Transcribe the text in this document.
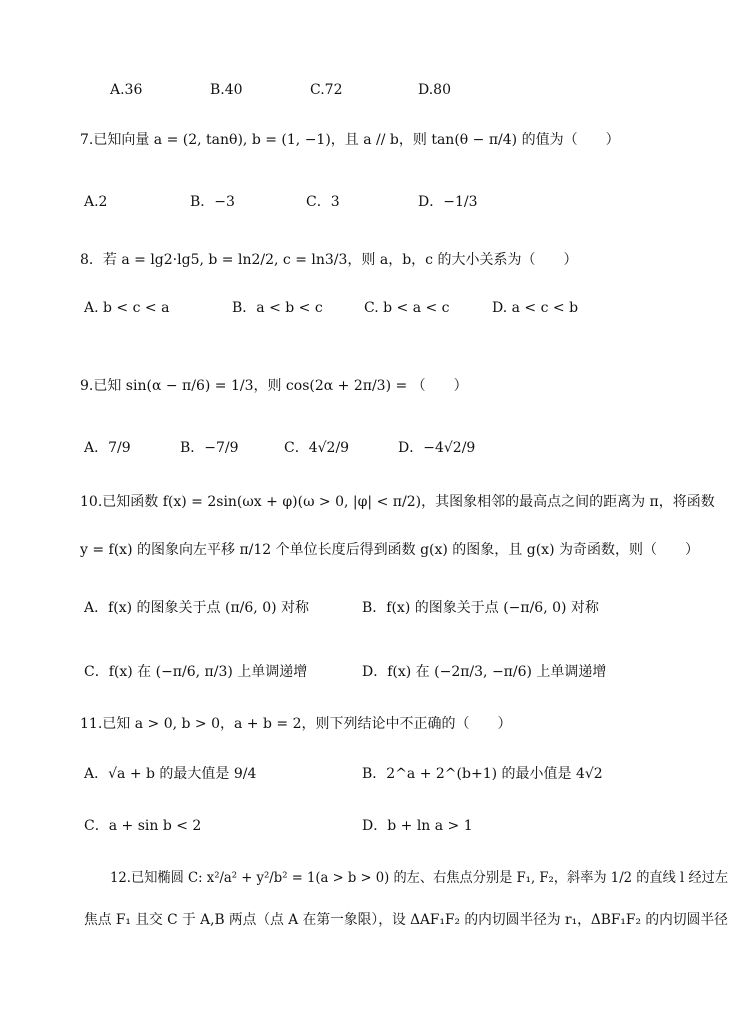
A.36	B.40	C.72	D.80
7.已知向量 a = (2, tanθ), b = (1, −1)，且 a // b，则 tan(θ − π/4) 的值为（　　）
A.2	B．−3	C．3	D．−1/3
8．若 a = lg2·lg5, b = ln2/2, c = ln3/3，则 a，b，c 的大小关系为（　　）
A. b < c < a	B．a < b < c	C. b < a < c	D. a < c < b
9.已知 sin(α − π/6) = 1/3，则 cos(2α + 2π/3) = （　　）
A．7/9	B．−7/9	C．4√2/9	D．−4√2/9
10.已知函数 f(x) = 2sin(ωx + φ)(ω > 0, |φ| < π/2)，其图象相邻的最高点之间的距离为 π，将函数
y = f(x) 的图象向左平移 π/12 个单位长度后得到函数 g(x) 的图象，且 g(x) 为奇函数，则（　　）
A．f(x) 的图象关于点 (π/6, 0) 对称	B．f(x) 的图象关于点 (−π/6, 0) 对称
C．f(x) 在 (−π/6, π/3) 上单调递增	D．f(x) 在 (−2π/3, −π/6) 上单调递增
11.已知 a > 0, b > 0，a + b = 2，则下列结论中不正确的（　　）
A．√a + b 的最大值是 9/4	B．2^a + 2^(b+1) 的最小值是 4√2
C．a + sin b < 2	D．b + ln a > 1
12.已知椭圆 C: x²/a² + y²/b² = 1(a > b > 0) 的左、右焦点分别是 F₁, F₂，斜率为 1/2 的直线 l 经过左
焦点 F₁ 且交 C 于 A,B 两点（点 A 在第一象限），设 ΔAF₁F₂ 的内切圆半径为 r₁，ΔBF₁F₂ 的内切圆半径
